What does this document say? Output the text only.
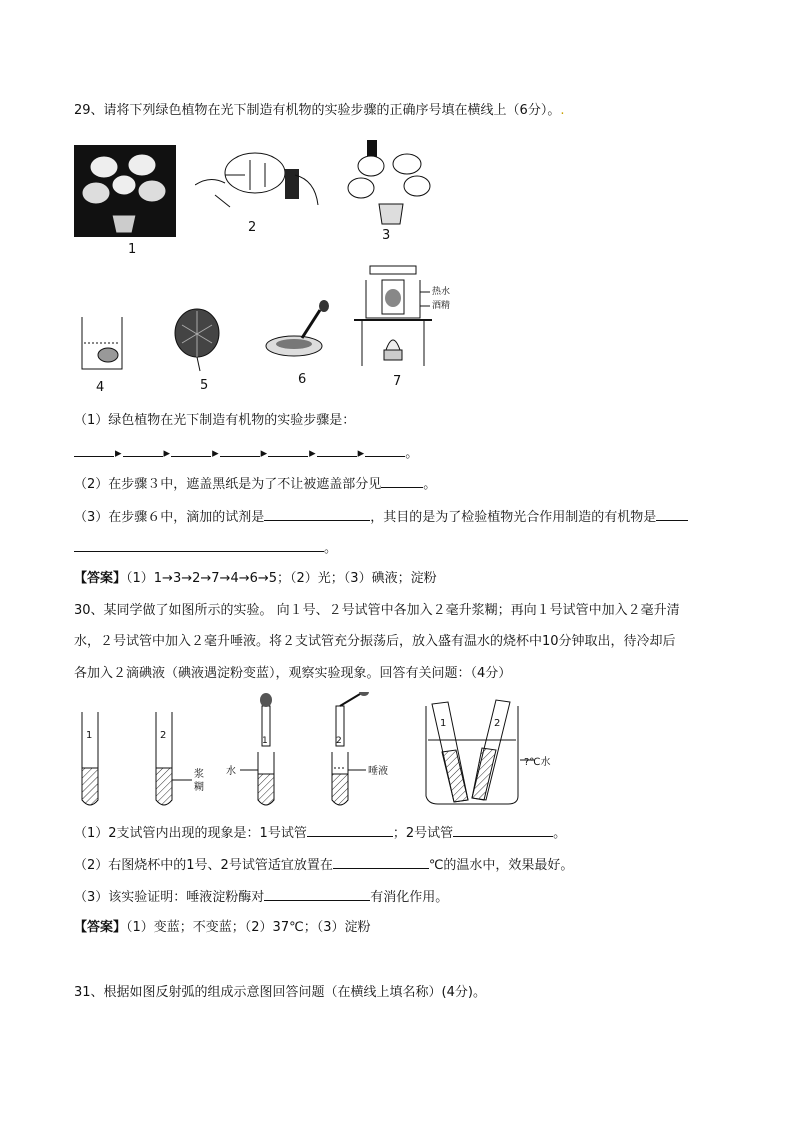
29、请将下列绿色植物在光下制造有机物的实验步骤的正确序号填在横线上（6分）。.
1
2
3
4	5	6
热水
酒精
7
（1）绿色植物在光下制造有机物的实验步骤是：
▸	▸	▸	▸	▸	▸	。
（2）在步骤３中，遮盖黑纸是为了不让被遮盖部分见	。
（3）在步骤６中，滴加的试剂是	，其目的是为了检验植物光合作用制造的有机物是
。
【答案】（1）1→3→2→7→4→6→5；（2）光；（3）碘液；淀粉
30、某同学做了如图所示的实验。 向１号、２号试管中各加入２毫升浆糊；再向１号试管中加入２毫升清
水，２号试管中加入２毫升唾液。将２支试管充分振荡后，放入盛有温水的烧杯中10分钟取出，待冷却后
各加入２滴碘液（碘液遇淀粉变蓝），观察实验现象。回答有关问题：（4分）
1	2
浆
糊
1
水
2
唾液
1	2
?℃水
（1）2支试管内出现的现象是：1号试管	；2号试管	。
（2）右图烧杯中的1号、2号试管适宜放置在	℃的温水中，效果最好。
（3）该实验证明：唾液淀粉酶对	有消化作用。
【答案】（1）变蓝；不变蓝；（2）37℃；（3）淀粉
31、根据如图反射弧的组成示意图回答问题（在横线上填名称）(4分)。
